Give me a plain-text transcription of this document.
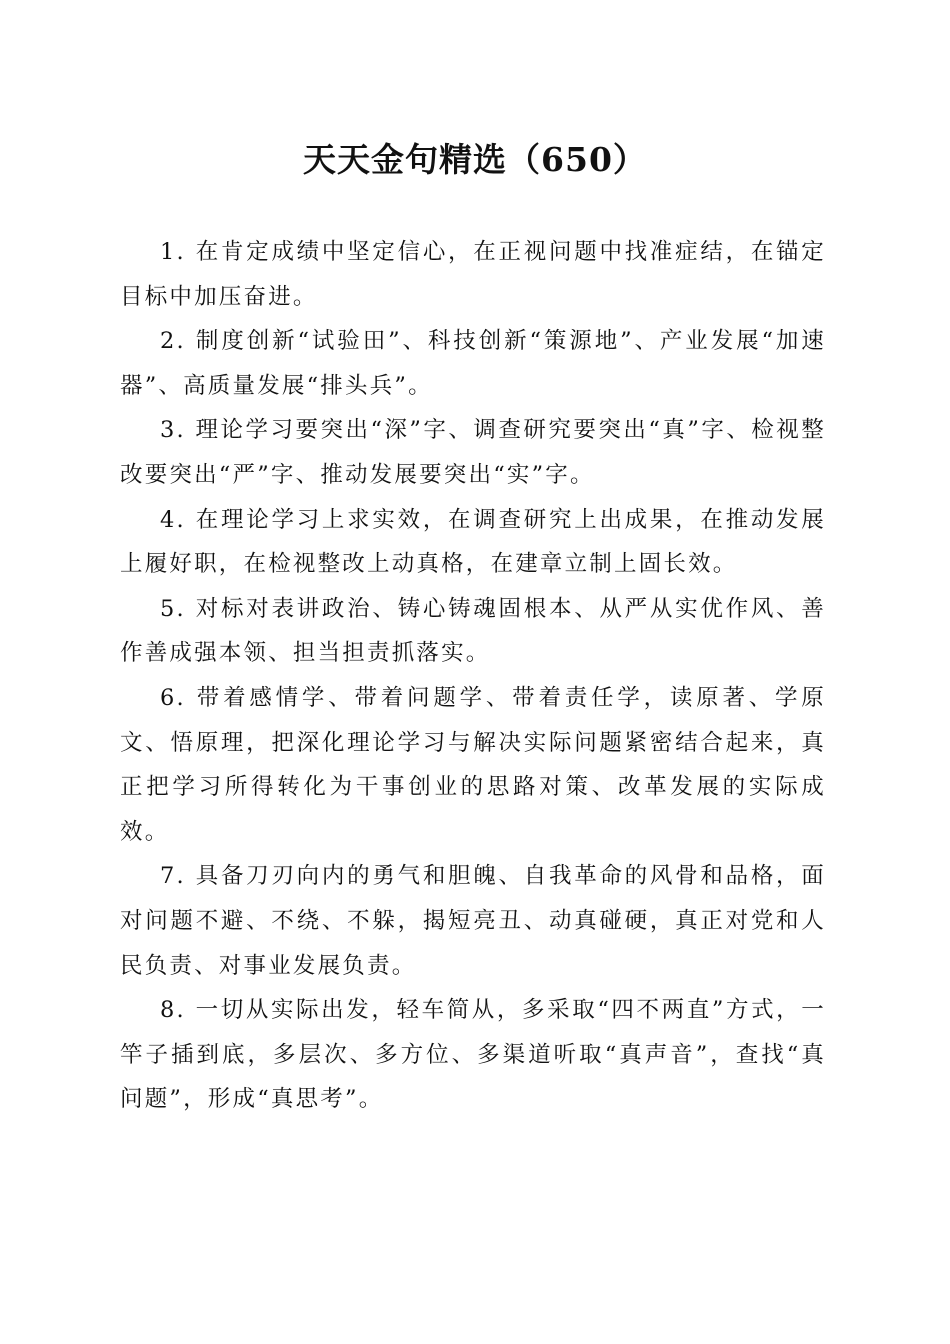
天天金句精选（650）

1. 在肯定成绩中坚定信心，在正视问题中找准症结，在锚定目标中加压奋进。

2. 制度创新“试验田”、科技创新“策源地”、产业发展“加速器”、高质量发展“排头兵”。

3. 理论学习要突出“深”字、调查研究要突出“真”字、检视整改要突出“严”字、推动发展要突出“实”字。

4. 在理论学习上求实效，在调查研究上出成果，在推动发展上履好职，在检视整改上动真格，在建章立制上固长效。

5. 对标对表讲政治、铸心铸魂固根本、从严从实优作风、善作善成强本领、担当担责抓落实。

6. 带着感情学、带着问题学、带着责任学，读原著、学原文、悟原理，把深化理论学习与解决实际问题紧密结合起来，真正把学习所得转化为干事创业的思路对策、改革发展的实际成效。

7. 具备刀刃向内的勇气和胆魄、自我革命的风骨和品格，面对问题不避、不绕、不躲，揭短亮丑、动真碰硬，真正对党和人民负责、对事业发展负责。

8. 一切从实际出发，轻车简从，多采取“四不两直”方式，一竿子插到底，多层次、多方位、多渠道听取“真声音”，查找“真问题”，形成“真思考”。
